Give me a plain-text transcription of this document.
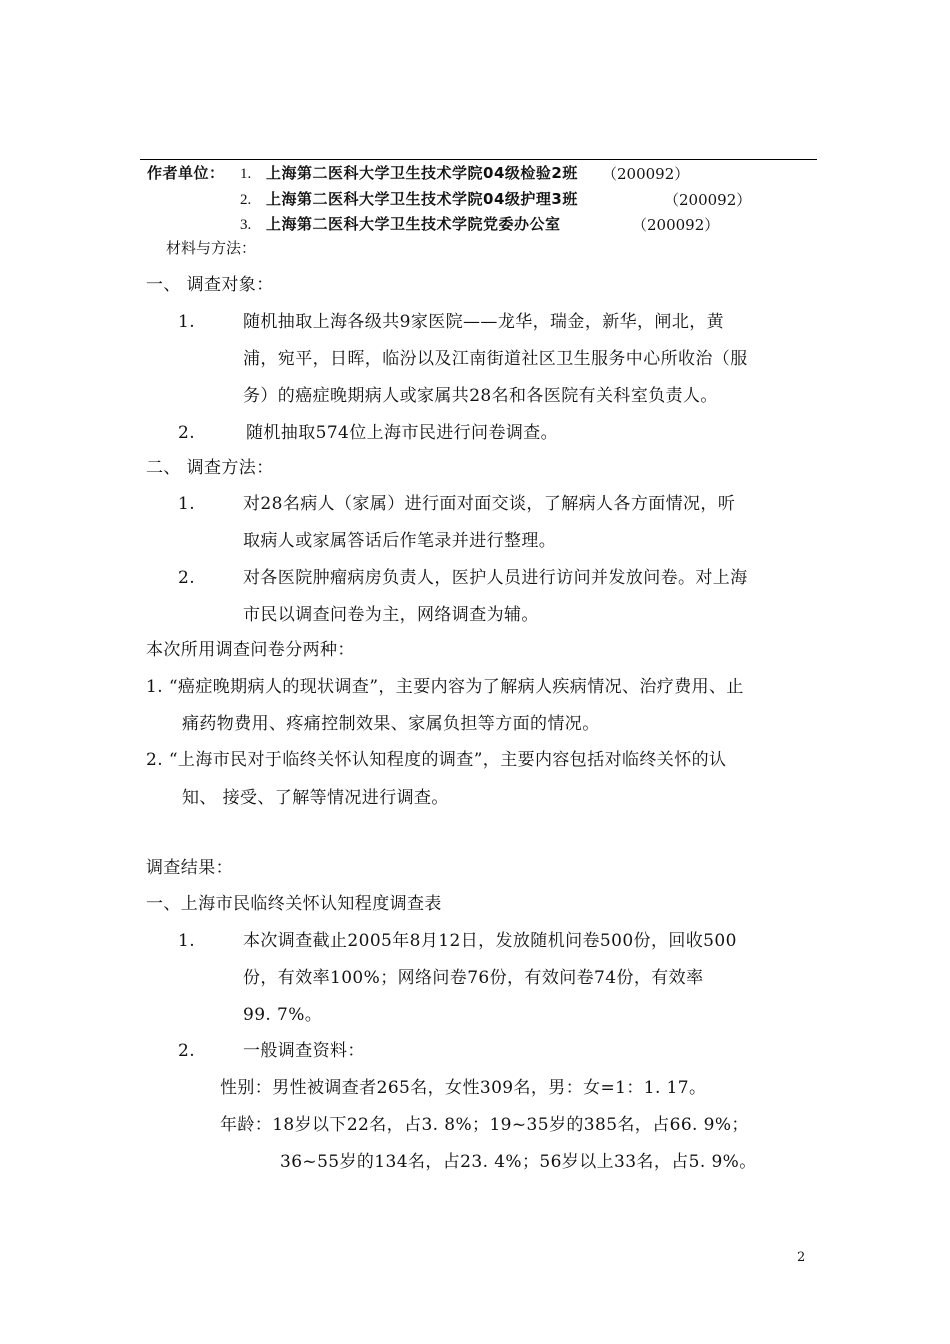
作者单位： 1. 上海第二医科大学卫生技术学院04级检验2班 （200092）
2. 上海第二医科大学卫生技术学院04级护理3班	（200092）
3. 上海第二医科大学卫生技术学院党委办公室	（200092）
材料与方法：
一、 调查对象：
1.	随机抽取上海各级共9家医院——龙华，瑞金，新华，闸北，黄
浦，宛平，日晖，临汾以及江南街道社区卫生服务中心所收治（服
务）的癌症晚期病人或家属共28名和各医院有关科室负责人。
2.	随机抽取574位上海市民进行问卷调查。
二、 调查方法：
1.	对28名病人（家属）进行面对面交谈，了解病人各方面情况，听
取病人或家属答话后作笔录并进行整理。
2.	对各医院肿瘤病房负责人，医护人员进行访问并发放问卷。对上海
市民以调查问卷为主，网络调查为辅。
本次所用调查问卷分两种：
1. “癌症晚期病人的现状调查”，主要内容为了解病人疾病情况、治疗费用、止
痛药物费用、疼痛控制效果、家属负担等方面的情况。
2. “上海市民对于临终关怀认知程度的调查”，主要内容包括对临终关怀的认
知、 接受、了解等情况进行调查。
调查结果：
一、上海市民临终关怀认知程度调查表
1.	本次调查截止2005年8月12日，发放随机问卷500份，回收500
份，有效率100%；网络问卷76份，有效问卷74份，有效率
99. 7%。
2.	一般调查资料：
性别：男性被调查者265名，女性309名，男：女=1：1. 17。
年龄：18岁以下22名，占3. 8%；19~35岁的385名，占66. 9%；
36~55岁的134名，占23. 4%；56岁以上33名，占5. 9%。
2
